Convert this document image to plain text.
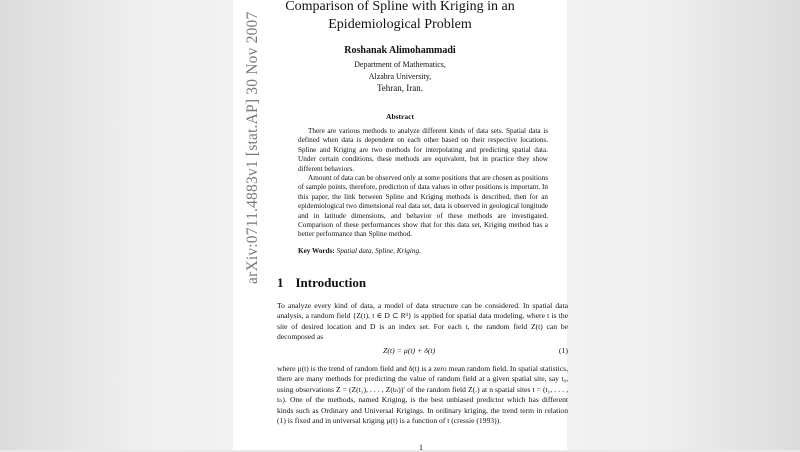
arXiv:0711.4883v1 [stat.AP] 30 Nov 2007
Comparison of Spline with Kriging in an
Epidemiological Problem
Roshanak Alimohammadi
Department of Mathematics,
Alzahra University,
Tehran, Iran.
Abstract

There are various methods to analyze different kinds of data sets. Spatial data is defined when data is dependent on each other based on their respective locations. Spline and Kriging are two methods for interpolating and predicting spatial data. Under certain conditions, these methods are equivalent, but in practice they show different behaviors.

Amount of data can be observed only at some positions that are chosen as positions of sample points, therefore, prediction of data values in other positions is important. In this paper, the link between Spline and Kriging methods is described, then for an epidemiological two dimensional real data set, data is observed in geological longitude and in latitude dimensions, and behavior of these methods are investigated. Comparison of these performances show that for this data set, Kriging method has a better performance than Spline method.

Key Words: Spatial data, Spline, Kriging.
1 Introduction

To analyze every kind of data, a model of data structure can be considered. In spatial data analysis, a random field {Z(t), t ∈ D ⊂ Rᵈ} is applied for spatial data modeling, where t is the site of desired location and D is an index set. For each t, the random field Z(t) can be decomposed as

Z(t) = μ(t) + δ(t)	(1)

where μ(t) is the trend of random field and δ(t) is a zero mean random field. In spatial statistics, there are many methods for predicting the value of random field at a given spatial site, say t₀, using observations Z = (Z(t₁), . . . , Z(tₙ))′ of the random field Z(.) at n spatial sites t = (t₁, . . . , tₙ). One of the methods, named Kriging, is the best unbiased predictor which has different kinds such as Ordinary and Universal Krigings. In ordinary kriging, the trend term in relation (1) is fixed and in universal kriging μ(t) is a function of t (cressie (1993)).

1
